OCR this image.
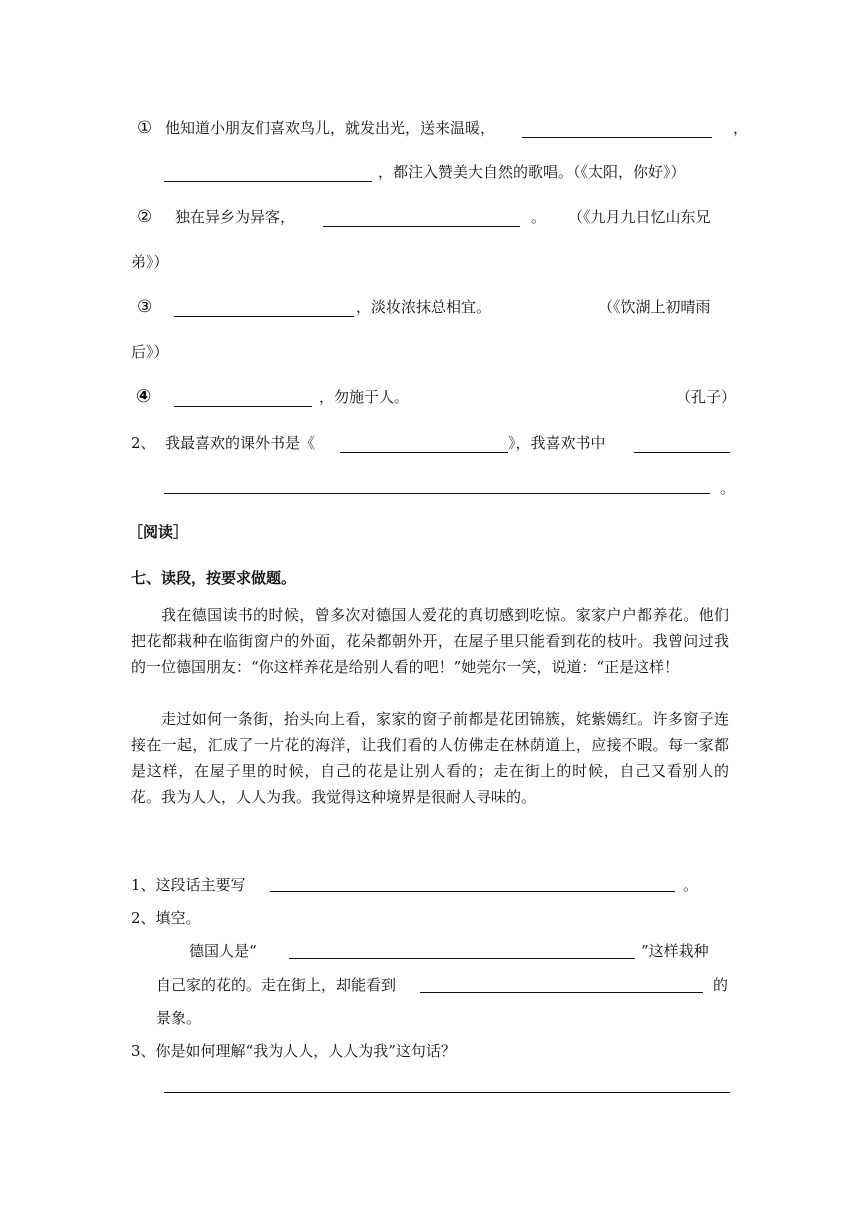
① 他知道小朋友们喜欢鸟儿，就发出光，送来温暖，	，
，都注入赞美大自然的歌唱。（《太阳，你好》）
② 独在异乡为异客，	。 （《九月九日忆山东兄
弟》）
③	，淡妆浓抹总相宜。	（《饮湖上初晴雨
后》）
④	，勿施于人。	（孔子）
2、 我最喜欢的课外书是《	》，我喜欢书中
。
［阅读］
七、读段，按要求做题。
我在德国读书的时候，曾多次对德国人爱花的真切感到吃惊。家家户户都养花。他们把花都栽种在临街窗户的外面，花朵都朝外开，在屋子里只能看到花的枝叶。我曾问过我的一位德国朋友：“你这样养花是给别人看的吧！”她莞尔一笑，说道：“正是这样！
走过如何一条街，抬头向上看，家家的窗子前都是花团锦簇，姹紫嫣红。许多窗子连接在一起，汇成了一片花的海洋，让我们看的人仿佛走在林荫道上，应接不暇。每一家都是这样，在屋子里的时候，自己的花是让别人看的；走在街上的时候，自己又看别人的花。我为人人，人人为我。我觉得这种境界是很耐人寻味的。
1、这段话主要写	。
2、填空。
德国人是“	”这样栽种
自己家的花的。走在街上，却能看到	的
景象。
3、你是如何理解“我为人人，人人为我”这句话？
